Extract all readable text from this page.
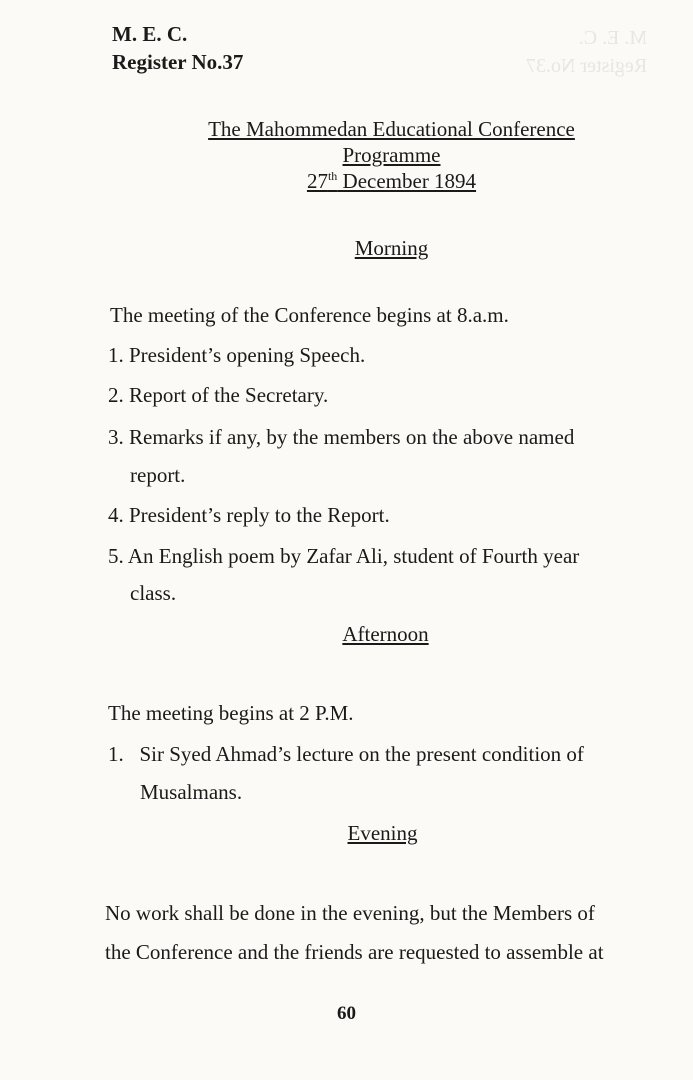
M. E. C.
Register No.37
M. E. C.
Register No.37
The Mahommedan Educational Conference
Programme
27th December 1894
Morning
The meeting of the Conference begins at 8.a.m.
1. President’s opening Speech.
2. Report of the Secretary.
3. Remarks if any, by the members on the above named
report.
4. President’s reply to the Report.
5. An English poem by Zafar Ali, student of Fourth year
class.
Afternoon
The meeting begins at 2 P.M.
1.   Sir Syed Ahmad’s lecture on the present condition of
Musalmans.
Evening
No work shall be done in the evening, but the Members of
the Conference and the friends are requested to assemble at
60
